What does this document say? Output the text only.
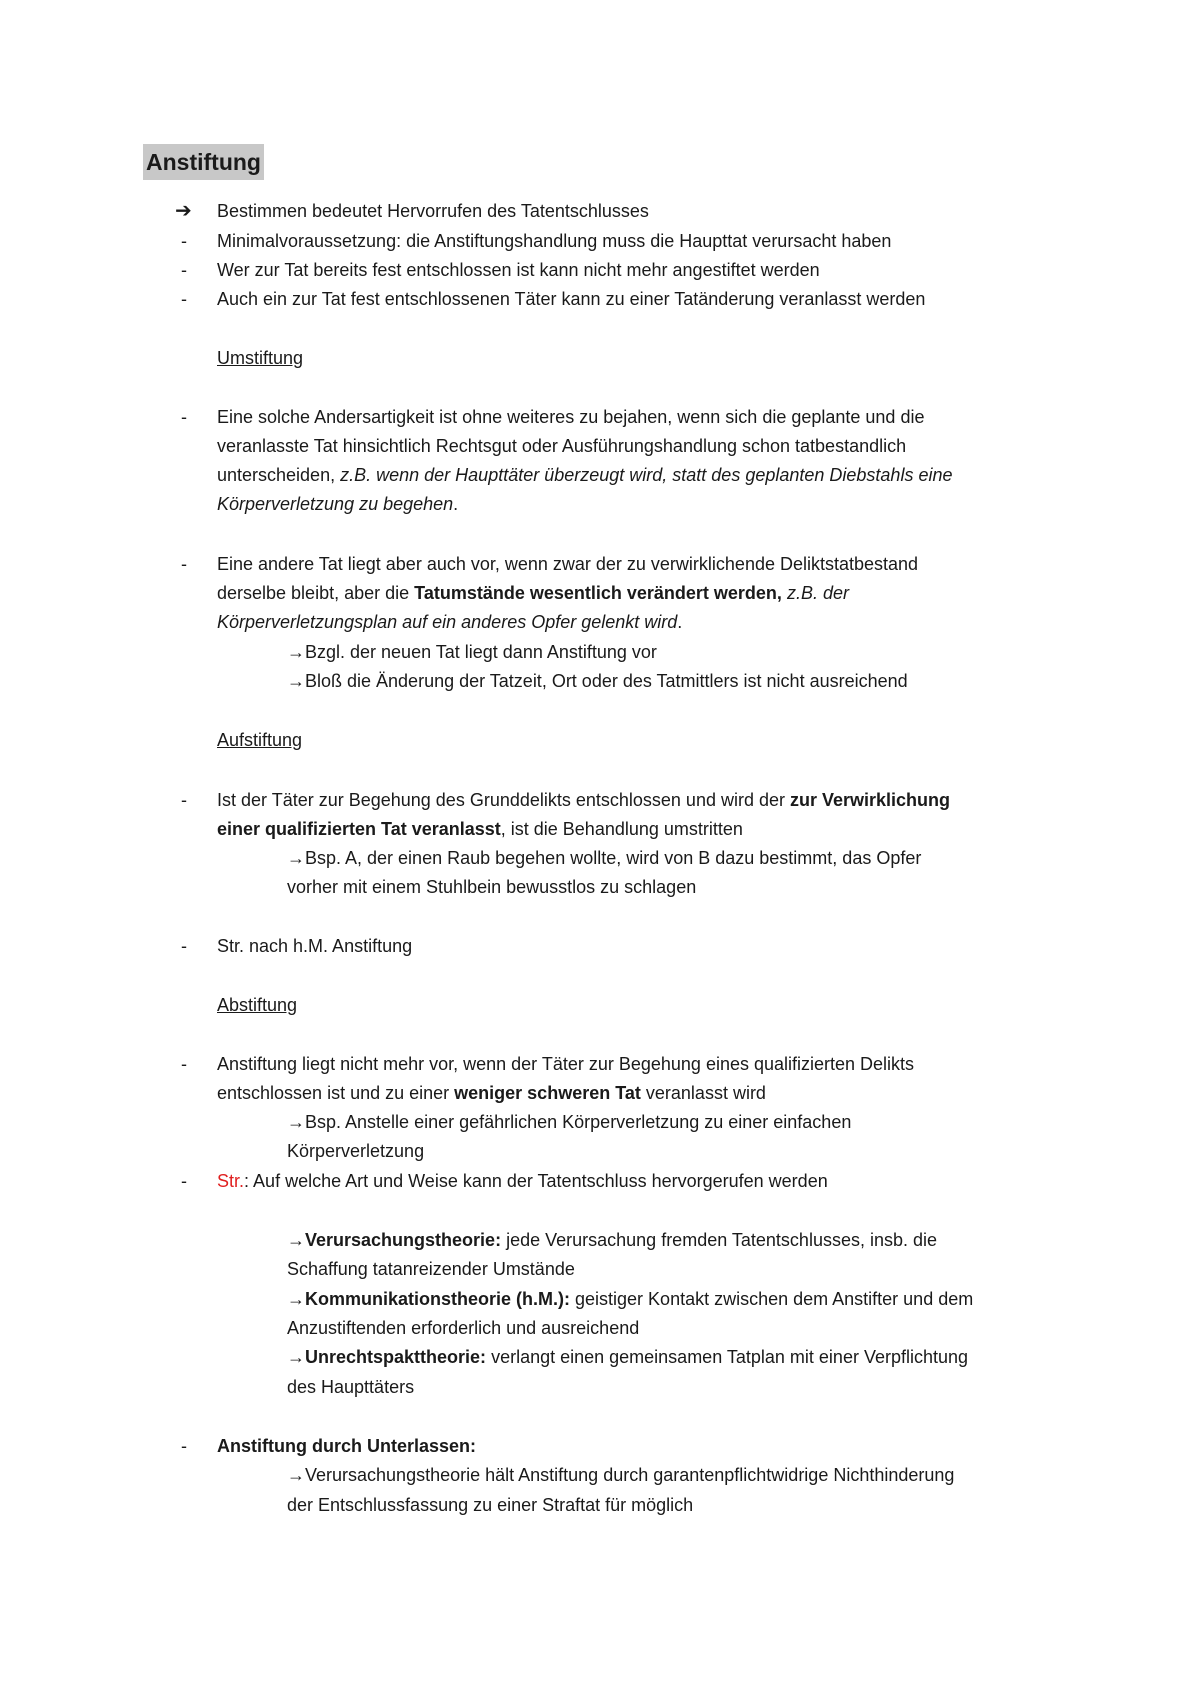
Anstiftung
➔ Bestimmen bedeutet Hervorrufen des Tatentschlusses
- Minimalvoraussetzung: die Anstiftungshandlung muss die Haupttat verursacht haben
- Wer zur Tat bereits fest entschlossen ist kann nicht mehr angestiftet werden
- Auch ein zur Tat fest entschlossenen Täter kann zu einer Tatänderung veranlasst werden
Umstiftung
- Eine solche Andersartigkeit ist ohne weiteres zu bejahen, wenn sich die geplante und die
veranlasste Tat hinsichtlich Rechtsgut oder Ausführungshandlung schon tatbestandlich
unterscheiden, z.B. wenn der Haupttäter überzeugt wird, statt des geplanten Diebstahls eine
Körperverletzung zu begehen.
- Eine andere Tat liegt aber auch vor, wenn zwar der zu verwirklichende Deliktstatbestand
derselbe bleibt, aber die Tatumstände wesentlich verändert werden, z.B. der
Körperverletzungsplan auf ein anderes Opfer gelenkt wird.
→Bzgl. der neuen Tat liegt dann Anstiftung vor
→Bloß die Änderung der Tatzeit, Ort oder des Tatmittlers ist nicht ausreichend
Aufstiftung
- Ist der Täter zur Begehung des Grunddelikts entschlossen und wird der zur Verwirklichung
einer qualifizierten Tat veranlasst, ist die Behandlung umstritten
→Bsp. A, der einen Raub begehen wollte, wird von B dazu bestimmt, das Opfer
vorher mit einem Stuhlbein bewusstlos zu schlagen
- Str. nach h.M. Anstiftung
Abstiftung
- Anstiftung liegt nicht mehr vor, wenn der Täter zur Begehung eines qualifizierten Delikts
entschlossen ist und zu einer weniger schweren Tat veranlasst wird
→Bsp. Anstelle einer gefährlichen Körperverletzung zu einer einfachen
Körperverletzung
- Str.: Auf welche Art und Weise kann der Tatentschluss hervorgerufen werden
→Verursachungstheorie: jede Verursachung fremden Tatentschlusses, insb. die
Schaffung tatanreizender Umstände
→Kommunikationstheorie (h.M.): geistiger Kontakt zwischen dem Anstifter und dem
Anzustiftenden erforderlich und ausreichend
→Unrechtspakttheorie: verlangt einen gemeinsamen Tatplan mit einer Verpflichtung
des Haupttäters
- Anstiftung durch Unterlassen:
→Verursachungstheorie hält Anstiftung durch garantenpflichtwidrige Nichthinderung
der Entschlussfassung zu einer Straftat für möglich
